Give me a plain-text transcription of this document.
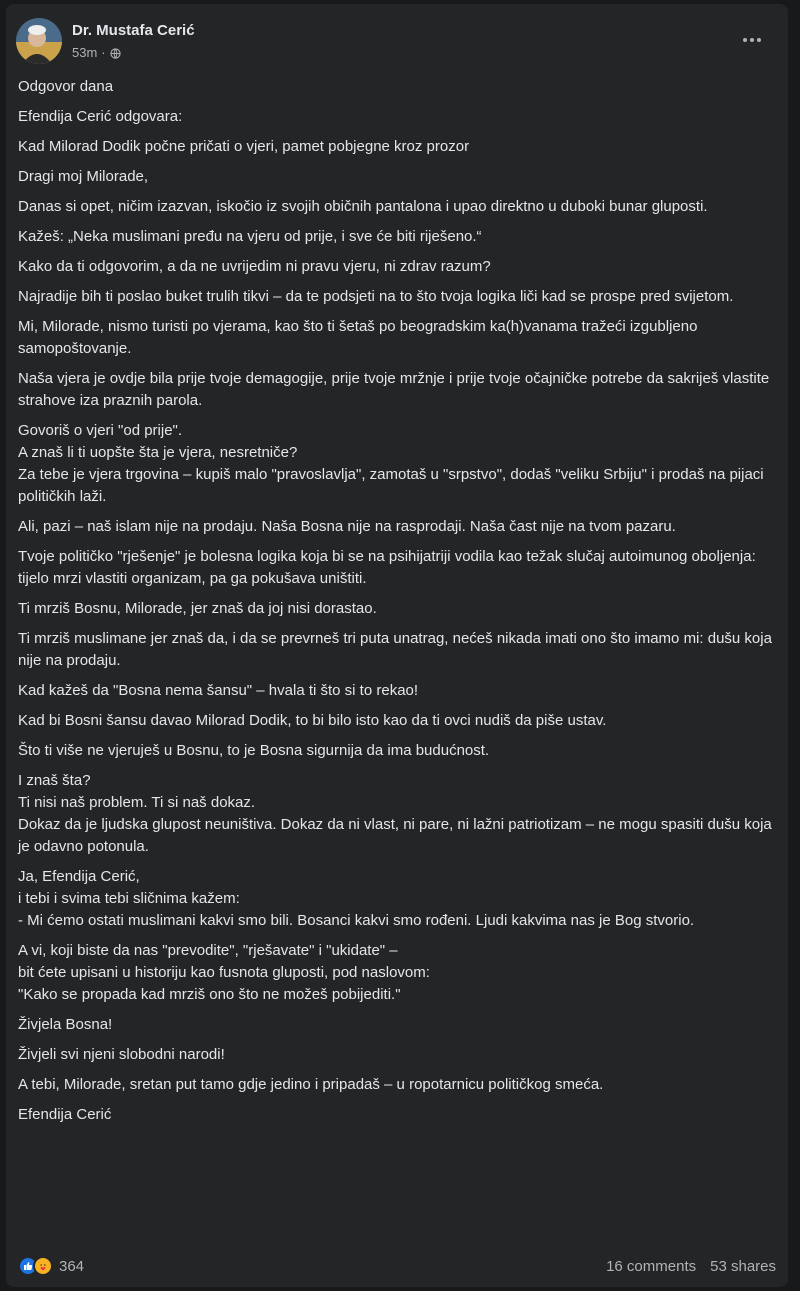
Dr. Mustafa Cerić
53m ·
Odgovor dana
Efendija Cerić odgovara:
Kad Milorad Dodik počne pričati o vjeri, pamet pobjegne kroz prozor
Dragi moj Milorade,
Danas si opet, ničim izazvan, iskočio iz svojih običnih pantalona i upao direktno u duboki bunar gluposti.
Kažeš: „Neka muslimani pređu na vjeru od prije, i sve će biti riješeno.“
Kako da ti odgovorim, a da ne uvrijedim ni pravu vjeru, ni zdrav razum?
Najradije bih ti poslao buket trulih tikvi – da te podsjeti na to što tvoja logika liči kad se prospe pred svijetom.
Mi, Milorade, nismo turisti po vjerama, kao što ti šetaš po beogradskim ka(h)vanama tražeći izgubljeno samopoštovanje.
Naša vjera je ovdje bila prije tvoje demagogije, prije tvoje mržnje i prije tvoje očajničke potrebe da sakriješ vlastite strahove iza praznih parola.
Govoriš o vjeri "od prije".
A znaš li ti uopšte šta je vjera, nesretniče?
Za tebe je vjera trgovina – kupiš malo "pravoslavlja", zamotaš u "srpstvo", dodaš "veliku Srbiju" i prodaš na pijaci političkih laži.
Ali, pazi – naš islam nije na prodaju. Naša Bosna nije na rasprodaji. Naša čast nije na tvom pazaru.
Tvoje političko "rješenje" je bolesna logika koja bi se na psihijatriji vodila kao težak slučaj autoimunog oboljenja: tijelo mrzi vlastiti organizam, pa ga pokušava uništiti.
Ti mrziš Bosnu, Milorade, jer znaš da joj nisi dorastao.
Ti mrziš muslimane jer znaš da, i da se prevrneš tri puta unatrag, nećeš nikada imati ono što imamo mi: dušu koja nije na prodaju.
Kad kažeš da "Bosna nema šansu" – hvala ti što si to rekao!
Kad bi Bosni šansu davao Milorad Dodik, to bi bilo isto kao da ti ovci nudiš da piše ustav.
Što ti više ne vjeruješ u Bosnu, to je Bosna sigurnija da ima budućnost.
I znaš šta?
Ti nisi naš problem. Ti si naš dokaz.
Dokaz da je ljudska glupost neuništiva. Dokaz da ni vlast, ni pare, ni lažni patriotizam – ne mogu spasiti dušu koja je odavno potonula.
Ja, Efendija Cerić,
i tebi i svima tebi sličnima kažem:
- Mi ćemo ostati muslimani kakvi smo bili. Bosanci kakvi smo rođeni. Ljudi kakvima nas je Bog stvorio.
A vi, koji biste da nas "prevodite", "rješavate" i "ukidate" –
bit ćete upisani u historiju kao fusnota gluposti, pod naslovom:
"Kako se propada kad mrziš ono što ne možeš pobijediti."
Živjela Bosna!
Živjeli svi njeni slobodni narodi!
A tebi, Milorade, sretan put tamo gdje jedino i pripadaš – u ropotarnicu političkog smeća.
Efendija Cerić
364	16 comments 53 shares
